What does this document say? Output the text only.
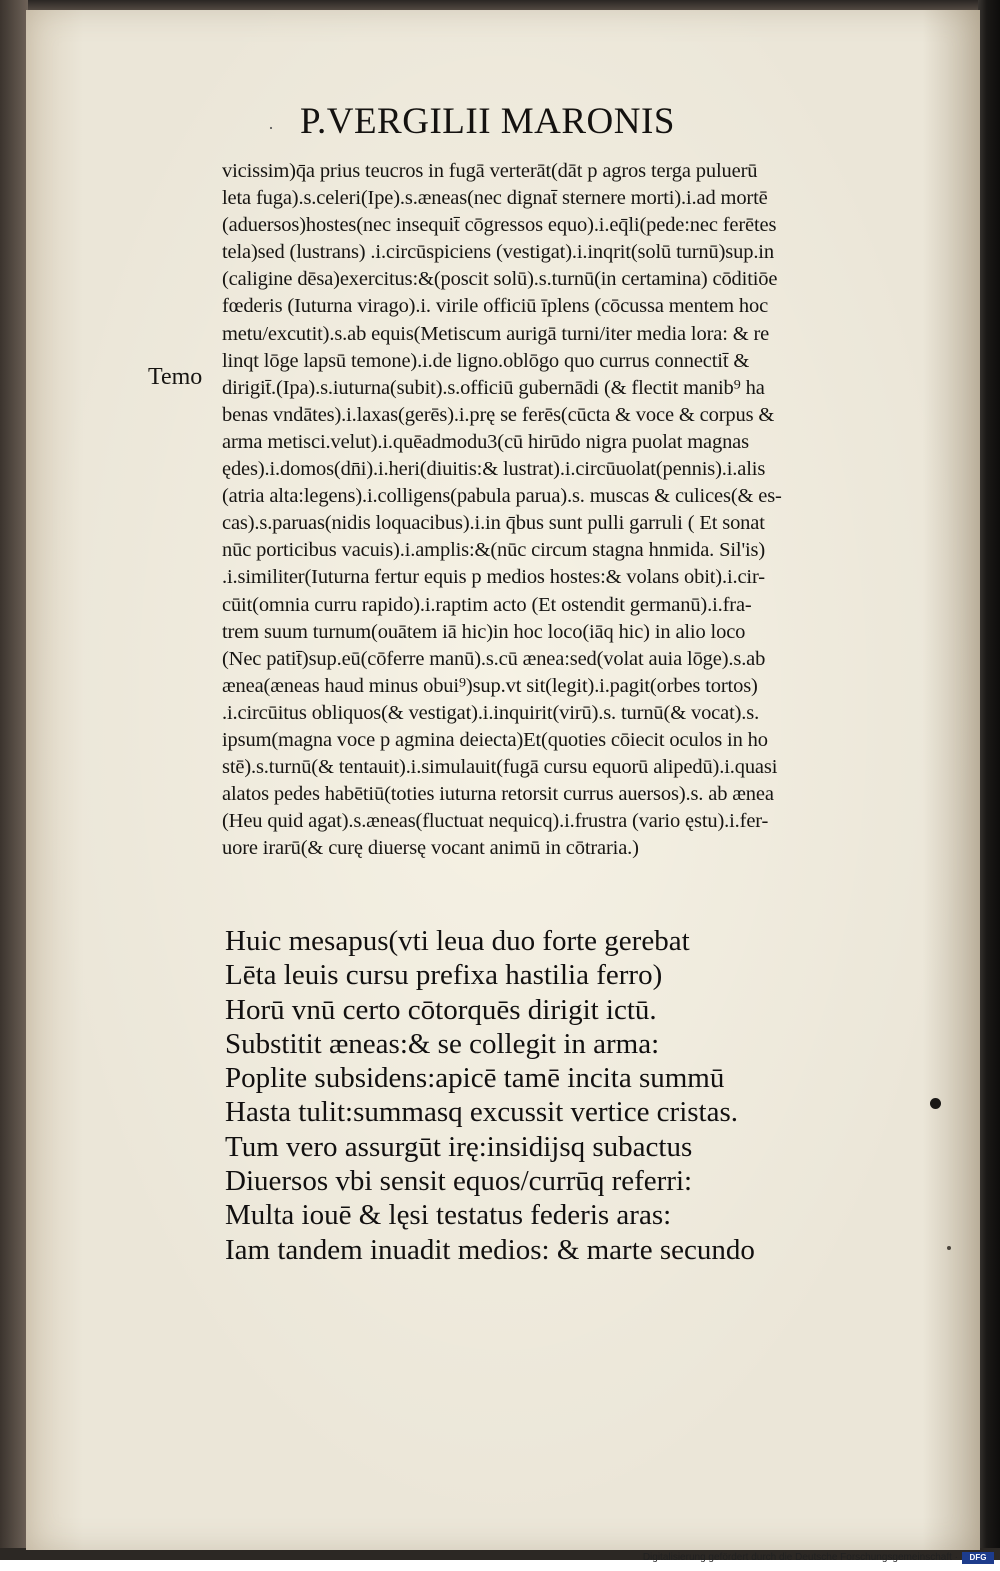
· P.VERGILII MARONIS
Temo
vicissim)q̄a prius teucros in fugā verterāt(dāt p agros terga puluerū
leta fuga).s.celeri(Ipe).s.æneas(nec dignat̄ sternere morti).i.ad mortē
(aduersos)hostes(nec insequit̄ cōgressos equo).i.eq̄li(pede:nec ferētes
tela)sed (lustrans) .i.circūspiciens (vestigat).i.inqrit(solū turnū)sup.in
(caligine dēsa)exercitus:&(poscit solū).s.turnū(in certamina) cōditiōe
fœderis (Iuturna virago).i. virile officiū īplens (cōcussa mentem hoc
metu/excutit).s.ab equis(Metiscum aurigā turni/iter media lora: & re
linqt lōge lapsū temone).i.de ligno.oblōgo quo currus connectit̄ &
dirigit̄.(Ipa).s.iuturna(subit).s.officiū gubernādi (& flectit manib⁹ ha
benas vndātes).i.laxas(gerēs).i.prę se ferēs(cūcta & voce & corpus &
arma metisci.velut).i.quēadmodu3(cū hirūdo nigra puolat magnas
ędes).i.domos(dn̄i).i.heri(diuitis:& lustrat).i.circūuolat(pennis).i.alis
(atria alta:legens).i.colligens(pabula parua).s. muscas & culices(& es-
cas).s.paruas(nidis loquacibus).i.in q̄bus sunt pulli garruli ( Et sonat
nūc porticibus vacuis).i.amplis:&(nūc circum stagna hnmida. Sil'is)
.i.similiter(Iuturna fertur equis p medios hostes:& volans obit).i.cir-
cūit(omnia curru rapido).i.raptim acto (Et ostendit germanū).i.fra-
trem suum turnum(ouātem iā hic)in hoc loco(iāq hic) in alio loco
(Nec patit̄)sup.eū(cōferre manū).s.cū ænea:sed(volat auia lōge).s.ab
ænea(æneas haud minus obui⁹)sup.vt sit(legit).i.pagit(orbes tortos)
.i.circūitus obliquos(& vestigat).i.inquirit(virū).s. turnū(& vocat).s.
ipsum(magna voce p agmina deiecta)Et(quoties cōiecit oculos in ho
stē).s.turnū(& tentauit).i.simulauit(fugā cursu equorū alipedū).i.quasi
alatos pedes habētiū(toties iuturna retorsit currus auersos).s. ab ænea
(Heu quid agat).s.æneas(fluctuat nequicq).i.frustra (vario ęstu).i.fer-
uore irarū(& curę diuersę vocant animū in cōtraria.)
Huic mesapus(vti leua duo forte gerebat
Lēta leuis cursu prefixa hastilia ferro)
Horū vnū certo cōtorquēs dirigit ictū.
Substitit æneas:& se collegit in arma:
Poplite subsidens:apicē tamē incita summū
Hasta tulit:summasq excussit vertice cristas.
Tum vero assurgūt irę:insidijsq subactus
Diuersos vbi sensit equos/currūq referri:
Multa iouē & lęsi testatus federis aras:
Iam tandem inuadit medios: & marte secundo
Digitalisierung gefördert durch die Deutsche Forschungsgemeinschaft ·	DFG
